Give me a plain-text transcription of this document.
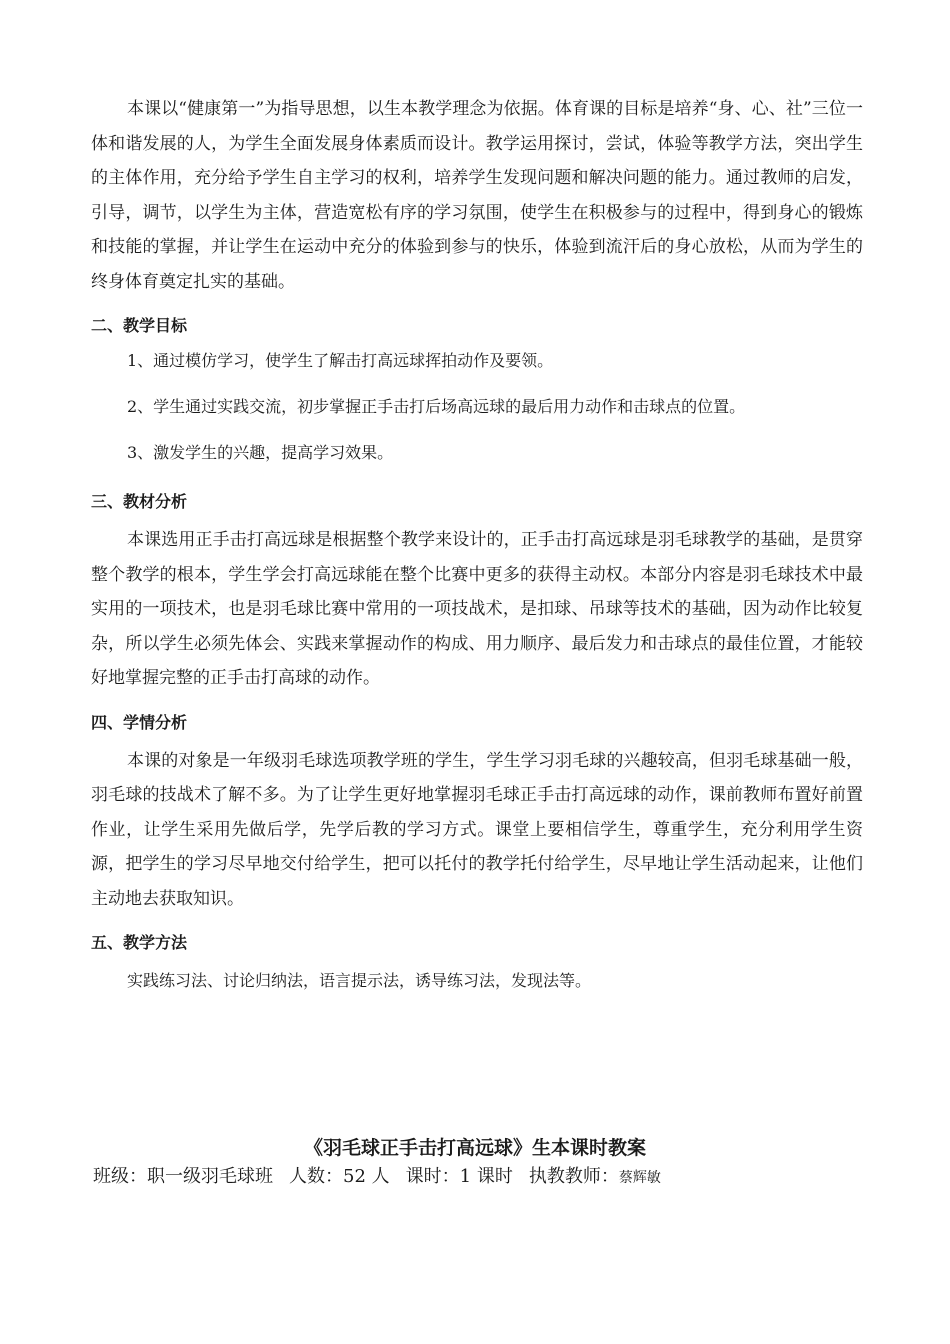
本课以“健康第一”为指导思想，以生本教学理念为依据。体育课的目标是培养“身、心、社”三位一体和谐发展的人，为学生全面发展身体素质而设计。教学运用探讨，尝试，体验等教学方法，突出学生的主体作用，充分给予学生自主学习的权利，培养学生发现问题和解决问题的能力。通过教师的启发，引导，调节，以学生为主体，营造宽松有序的学习氛围，使学生在积极参与的过程中，得到身心的锻炼和技能的掌握，并让学生在运动中充分的体验到参与的快乐，体验到流汗后的身心放松，从而为学生的终身体育奠定扎实的基础。

二、教学目标

1、通过模仿学习，使学生了解击打高远球挥拍动作及要领。

2、学生通过实践交流，初步掌握正手击打后场高远球的最后用力动作和击球点的位置。

3、激发学生的兴趣，提高学习效果。

三、教材分析

本课选用正手击打高远球是根据整个教学来设计的，正手击打高远球是羽毛球教学的基础，是贯穿整个教学的根本，学生学会打高远球能在整个比赛中更多的获得主动权。本部分内容是羽毛球技术中最实用的一项技术，也是羽毛球比赛中常用的一项技战术，是扣球、吊球等技术的基础，因为动作比较复杂，所以学生必须先体会、实践来掌握动作的构成、用力顺序、最后发力和击球点的最佳位置，才能较好地掌握完整的正手击打高球的动作。

四、学情分析

本课的对象是一年级羽毛球选项教学班的学生，学生学习羽毛球的兴趣较高，但羽毛球基础一般，羽毛球的技战术了解不多。为了让学生更好地掌握羽毛球正手击打高远球的动作，课前教师布置好前置作业，让学生采用先做后学，先学后教的学习方式。课堂上要相信学生，尊重学生，充分利用学生资源，把学生的学习尽早地交付给学生，把可以托付的教学托付给学生，尽早地让学生活动起来，让他们主动地去获取知识。

五、教学方法

实践练习法、讨论归纳法，语言提示法，诱导练习法，发现法等。

《羽毛球正手击打高远球》生本课时教案
班级：职一级羽毛球班 人数：52 人 课时：1 课时 执教教师：蔡辉敏
